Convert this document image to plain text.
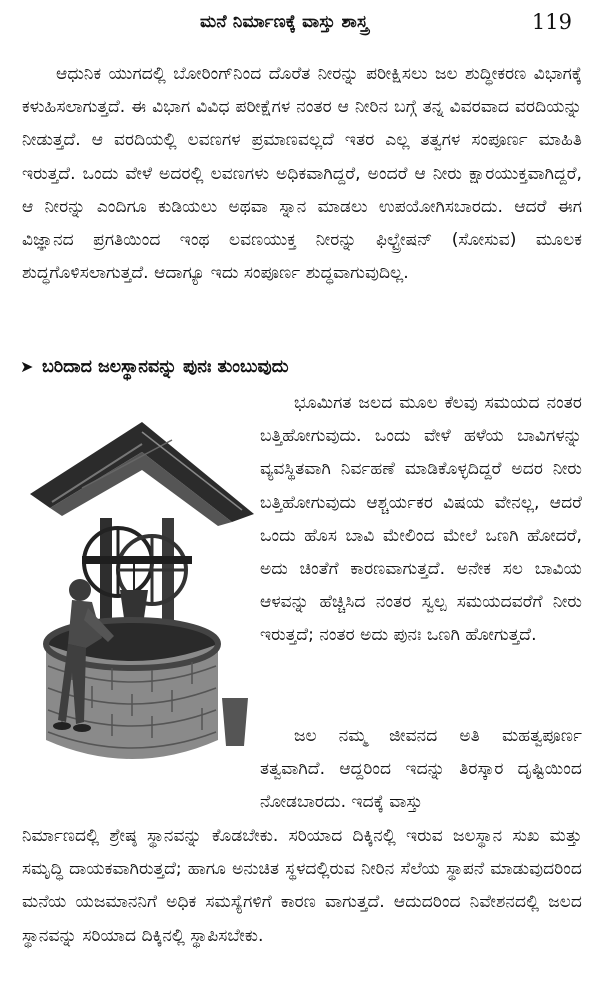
ಮನೆ ನಿರ್ಮಾಣಕ್ಕೆ ವಾಸ್ತು ಶಾಸ್ತ್ರ	119
ಆಧುನಿಕ ಯುಗದಲ್ಲಿ ಬೋರಿಂಗ್‌ನಿಂದ ದೊರೆತ ನೀರನ್ನು ಪರೀಕ್ಷಿಸಲು ಜಲ ಶುದ್ಧೀಕರಣ ವಿಭಾಗಕ್ಕೆ ಕಳುಹಿಸಲಾಗುತ್ತದೆ. ಈ ವಿಭಾಗ ವಿವಿಧ ಪರೀಕ್ಷೆಗಳ ನಂತರ ಆ ನೀರಿನ ಬಗ್ಗೆ ತನ್ನ ವಿವರವಾದ ವರದಿಯನ್ನು ನೀಡುತ್ತದೆ. ಆ ವರದಿಯಲ್ಲಿ ಲವಣಗಳ ಪ್ರಮಾಣವಲ್ಲದೆ ಇತರ ಎಲ್ಲ ತತ್ವಗಳ ಸಂಪೂರ್ಣ ಮಾಹಿತಿ ಇರುತ್ತದೆ. ಒಂದು ವೇಳೆ ಅದರಲ್ಲಿ ಲವಣಗಳು ಅಧಿಕವಾಗಿದ್ದರೆ, ಅಂದರೆ ಆ ನೀರು ಕ್ಷಾರಯುಕ್ತವಾಗಿದ್ದರೆ, ಆ ನೀರನ್ನು ಎಂದಿಗೂ ಕುಡಿಯಲು ಅಥವಾ ಸ್ನಾನ ಮಾಡಲು ಉಪಯೋಗಿಸಬಾರದು. ಆದರೆ ಈಗ ವಿಜ್ಞಾನದ ಪ್ರಗತಿಯಿಂದ ಇಂಥ ಲವಣಯುಕ್ತ ನೀರನ್ನು ಫಿಲ್ಟ್ರೇಷನ್ (ಸೋಸುವ) ಮೂಲಕ ಶುದ್ಧಗೊಳಿಸಲಾಗುತ್ತದೆ. ಆದಾಗ್ಯೂ ಇದು ಸಂಪೂರ್ಣ ಶುದ್ಧವಾಗುವುದಿಲ್ಲ.
➤ ಬರಿದಾದ ಜಲಸ್ಥಾನವನ್ನು ಪುನಃ ತುಂಬುವುದು
ಭೂಮಿಗತ ಜಲದ ಮೂಲ ಕೆಲವು ಸಮಯದ ನಂತರ ಬತ್ತಿಹೋಗುವುದು. ಒಂದು ವೇಳೆ ಹಳೆಯ ಬಾವಿಗಳನ್ನು ವ್ಯವಸ್ಥಿತವಾಗಿ ನಿರ್ವಹಣೆ ಮಾಡಿಕೊಳ್ಳದಿದ್ದರೆ ಅದರ ನೀರು ಬತ್ತಿಹೋಗುವುದು ಆಶ್ಚರ್ಯಕರ ವಿಷಯ ವೇನಲ್ಲ, ಆದರೆ ಒಂದು ಹೊಸ ಬಾವಿ ಮೇಲಿಂದ ಮೇಲೆ ಒಣಗಿ ಹೋದರೆ, ಅದು ಚಿಂತೆಗೆ ಕಾರಣವಾಗುತ್ತದೆ. ಅನೇಕ ಸಲ ಬಾವಿಯ ಆಳವನ್ನು ಹೆಚ್ಚಿಸಿದ ನಂತರ ಸ್ವಲ್ಪ ಸಮಯದವರೆಗೆ ನೀರು ಇರುತ್ತದೆ; ನಂತರ ಅದು ಪುನಃ ಒಣಗಿ ಹೋಗುತ್ತದೆ.
ಜಲ ನಮ್ಮ ಜೀವನದ ಅತಿ ಮಹತ್ವಪೂರ್ಣ ತತ್ವವಾಗಿದೆ. ಆದ್ದರಿಂದ ಇದನ್ನು ತಿರಸ್ಕಾರ ದೃಷ್ಟಿಯಿಂದ ನೋಡಬಾರದು. ಇದಕ್ಕೆ ವಾಸ್ತು
ನಿರ್ಮಾಣದಲ್ಲಿ ಶ್ರೇಷ್ಠ ಸ್ಥಾನವನ್ನು ಕೊಡಬೇಕು. ಸರಿಯಾದ ದಿಕ್ಕಿನಲ್ಲಿ ಇರುವ ಜಲಸ್ಥಾನ ಸುಖ ಮತ್ತು ಸಮೃದ್ಧಿ ದಾಯಕವಾಗಿರುತ್ತದೆ; ಹಾಗೂ ಅನುಚಿತ ಸ್ಥಳದಲ್ಲಿರುವ ನೀರಿನ ಸೆಲೆಯ ಸ್ಥಾಪನೆ ಮಾಡುವುದರಿಂದ ಮನೆಯ ಯಜಮಾನನಿಗೆ ಅಧಿಕ ಸಮಸ್ಯೆಗಳಿಗೆ ಕಾರಣ ವಾಗುತ್ತದೆ. ಆದುದರಿಂದ ನಿವೇಶನದಲ್ಲಿ ಜಲದ ಸ್ಥಾನವನ್ನು ಸರಿಯಾದ ದಿಕ್ಕಿನಲ್ಲಿ ಸ್ಥಾಪಿಸಬೇಕು.
